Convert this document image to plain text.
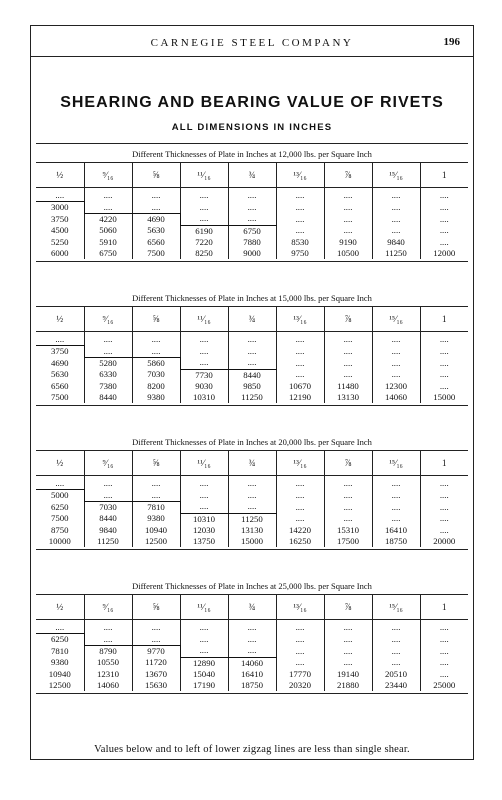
CARNEGIE STEEL COMPANY	196
SHEARING AND BEARING VALUE OF RIVETS
ALL DIMENSIONS IN INCHES
Different Thicknesses of Plate in Inches at 12,000 lbs. per Square Inch
½	⁹⁄₁₆	⅝	¹¹⁄₁₆	¾	¹³⁄₁₆	⅞	¹⁵⁄₁₆	1
....	....	....	....	....	....	....	....	....
3000	....	....	....	....	....	....	....	....
3750	4220	4690	....	....	....	....	....	....
4500	5060	5630	6190	6750	....	....	....	....
5250	5910	6560	7220	7880	8530	9190	9840	....
6000	6750	7500	8250	9000	9750	10500	11250	12000
Different Thicknesses of Plate in Inches at 15,000 lbs. per Square Inch
½	⁹⁄₁₆	⅝	¹¹⁄₁₆	¾	¹³⁄₁₆	⅞	¹⁵⁄₁₆	1
....	....	....	....	....	....	....	....	....
3750	....	....	....	....	....	....	....	....
4690	5280	5860	....	....	....	....	....	....
5630	6330	7030	7730	8440	....	....	....	....
6560	7380	8200	9030	9850	10670	11480	12300	....
7500	8440	9380	10310	11250	12190	13130	14060	15000
Different Thicknesses of Plate in Inches at 20,000 lbs. per Square Inch
½	⁹⁄₁₆	⅝	¹¹⁄₁₆	¾	¹³⁄₁₆	⅞	¹⁵⁄₁₆	1
....	....	....	....	....	....	....	....	....
5000	....	....	....	....	....	....	....	....
6250	7030	7810	....	....	....	....	....	....
7500	8440	9380	10310	11250	....	....	....	....
8750	9840	10940	12030	13130	14220	15310	16410	....
10000	11250	12500	13750	15000	16250	17500	18750	20000
Different Thicknesses of Plate in Inches at 25,000 lbs. per Square Inch
½	⁹⁄₁₆	⅝	¹¹⁄₁₆	¾	¹³⁄₁₆	⅞	¹⁵⁄₁₆	1
....	....	....	....	....	....	....	....	....
6250	....	....	....	....	....	....	....	....
7810	8790	9770	....	....	....	....	....	....
9380	10550	11720	12890	14060	....	....	....	....
10940	12310	13670	15040	16410	17770	19140	20510	....
12500	14060	15630	17190	18750	20320	21880	23440	25000
Values below and to left of lower zigzag lines are less than single shear.
